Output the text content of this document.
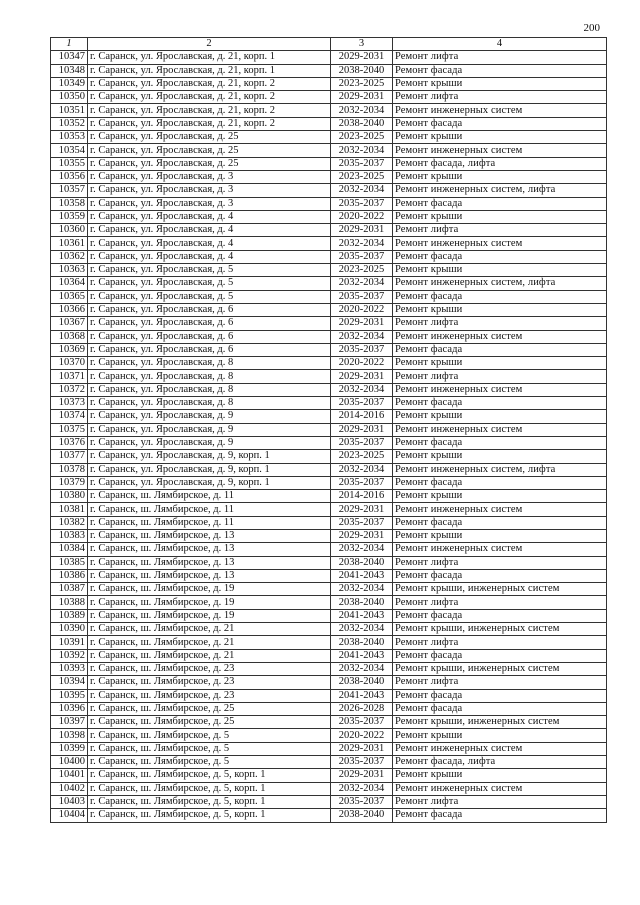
200
1	2	3	4
10347	г. Саранск, ул. Ярославская, д. 21, корп. 1	2029-2031	Ремонт лифта
10348	г. Саранск, ул. Ярославская, д. 21, корп. 1	2038-2040	Ремонт фасада
10349	г. Саранск, ул. Ярославская, д. 21, корп. 2	2023-2025	Ремонт крыши
10350	г. Саранск, ул. Ярославская, д. 21, корп. 2	2029-2031	Ремонт лифта
10351	г. Саранск, ул. Ярославская, д. 21, корп. 2	2032-2034	Ремонт инженерных систем
10352	г. Саранск, ул. Ярославская, д. 21, корп. 2	2038-2040	Ремонт фасада
10353	г. Саранск, ул. Ярославская, д. 25	2023-2025	Ремонт крыши
10354	г. Саранск, ул. Ярославская, д. 25	2032-2034	Ремонт инженерных систем
10355	г. Саранск, ул. Ярославская, д. 25	2035-2037	Ремонт фасада, лифта
10356	г. Саранск, ул. Ярославская, д. 3	2023-2025	Ремонт крыши
10357	г. Саранск, ул. Ярославская, д. 3	2032-2034	Ремонт инженерных систем, лифта
10358	г. Саранск, ул. Ярославская, д. 3	2035-2037	Ремонт фасада
10359	г. Саранск, ул. Ярославская, д. 4	2020-2022	Ремонт крыши
10360	г. Саранск, ул. Ярославская, д. 4	2029-2031	Ремонт лифта
10361	г. Саранск, ул. Ярославская, д. 4	2032-2034	Ремонт инженерных систем
10362	г. Саранск, ул. Ярославская, д. 4	2035-2037	Ремонт фасада
10363	г. Саранск, ул. Ярославская, д. 5	2023-2025	Ремонт крыши
10364	г. Саранск, ул. Ярославская, д. 5	2032-2034	Ремонт инженерных систем, лифта
10365	г. Саранск, ул. Ярославская, д. 5	2035-2037	Ремонт фасада
10366	г. Саранск, ул. Ярославская, д. 6	2020-2022	Ремонт крыши
10367	г. Саранск, ул. Ярославская, д. 6	2029-2031	Ремонт лифта
10368	г. Саранск, ул. Ярославская, д. 6	2032-2034	Ремонт инженерных систем
10369	г. Саранск, ул. Ярославская, д. 6	2035-2037	Ремонт фасада
10370	г. Саранск, ул. Ярославская, д. 8	2020-2022	Ремонт крыши
10371	г. Саранск, ул. Ярославская, д. 8	2029-2031	Ремонт лифта
10372	г. Саранск, ул. Ярославская, д. 8	2032-2034	Ремонт инженерных систем
10373	г. Саранск, ул. Ярославская, д. 8	2035-2037	Ремонт фасада
10374	г. Саранск, ул. Ярославская, д. 9	2014-2016	Ремонт крыши
10375	г. Саранск, ул. Ярославская, д. 9	2029-2031	Ремонт инженерных систем
10376	г. Саранск, ул. Ярославская, д. 9	2035-2037	Ремонт фасада
10377	г. Саранск, ул. Ярославская, д. 9, корп. 1	2023-2025	Ремонт крыши
10378	г. Саранск, ул. Ярославская, д. 9, корп. 1	2032-2034	Ремонт инженерных систем, лифта
10379	г. Саранск, ул. Ярославская, д. 9, корп. 1	2035-2037	Ремонт фасада
10380	г. Саранск, ш. Лямбирское, д. 11	2014-2016	Ремонт крыши
10381	г. Саранск, ш. Лямбирское, д. 11	2029-2031	Ремонт инженерных систем
10382	г. Саранск, ш. Лямбирское, д. 11	2035-2037	Ремонт фасада
10383	г. Саранск, ш. Лямбирское, д. 13	2029-2031	Ремонт крыши
10384	г. Саранск, ш. Лямбирское, д. 13	2032-2034	Ремонт инженерных систем
10385	г. Саранск, ш. Лямбирское, д. 13	2038-2040	Ремонт лифта
10386	г. Саранск, ш. Лямбирское, д. 13	2041-2043	Ремонт фасада
10387	г. Саранск, ш. Лямбирское, д. 19	2032-2034	Ремонт крыши, инженерных систем
10388	г. Саранск, ш. Лямбирское, д. 19	2038-2040	Ремонт лифта
10389	г. Саранск, ш. Лямбирское, д. 19	2041-2043	Ремонт фасада
10390	г. Саранск, ш. Лямбирское, д. 21	2032-2034	Ремонт крыши, инженерных систем
10391	г. Саранск, ш. Лямбирское, д. 21	2038-2040	Ремонт лифта
10392	г. Саранск, ш. Лямбирское, д. 21	2041-2043	Ремонт фасада
10393	г. Саранск, ш. Лямбирское, д. 23	2032-2034	Ремонт крыши, инженерных систем
10394	г. Саранск, ш. Лямбирское, д. 23	2038-2040	Ремонт лифта
10395	г. Саранск, ш. Лямбирское, д. 23	2041-2043	Ремонт фасада
10396	г. Саранск, ш. Лямбирское, д. 25	2026-2028	Ремонт фасада
10397	г. Саранск, ш. Лямбирское, д. 25	2035-2037	Ремонт крыши, инженерных систем
10398	г. Саранск, ш. Лямбирское, д. 5	2020-2022	Ремонт крыши
10399	г. Саранск, ш. Лямбирское, д. 5	2029-2031	Ремонт инженерных систем
10400	г. Саранск, ш. Лямбирское, д. 5	2035-2037	Ремонт фасада, лифта
10401	г. Саранск, ш. Лямбирское, д. 5, корп. 1	2029-2031	Ремонт крыши
10402	г. Саранск, ш. Лямбирское, д. 5, корп. 1	2032-2034	Ремонт инженерных систем
10403	г. Саранск, ш. Лямбирское, д. 5, корп. 1	2035-2037	Ремонт лифта
10404	г. Саранск, ш. Лямбирское, д. 5, корп. 1	2038-2040	Ремонт фасада
